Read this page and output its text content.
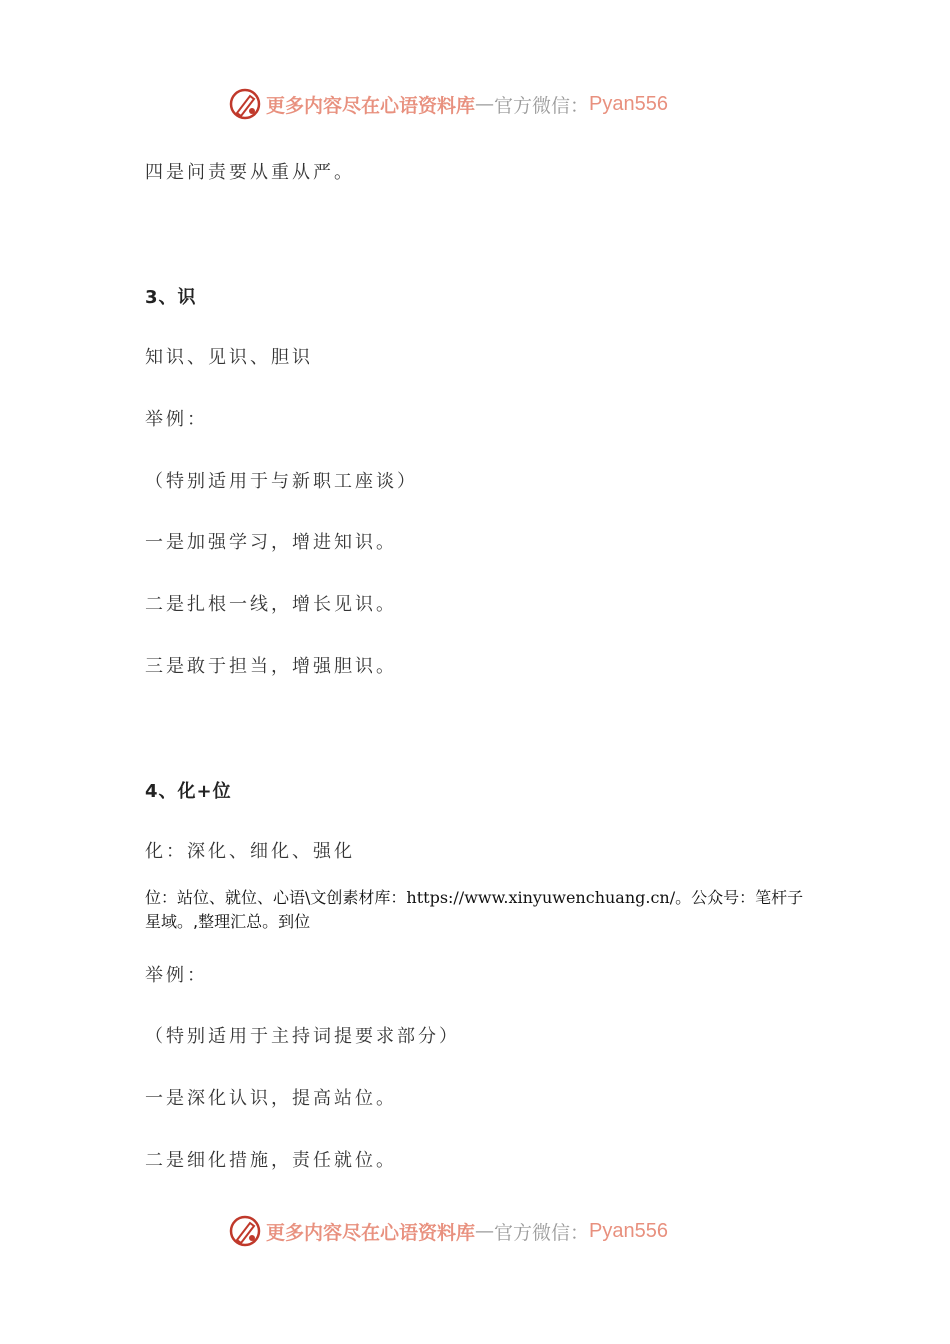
更多内容尽在心语资料库 — 官方微信： Pyan556

四是问责要从重从严。

3、识

知识、见识、胆识

举例：

（特别适用于与新职工座谈）

一是加强学习，增进知识。

二是扎根一线，增长见识。

三是敢于担当，增强胆识。

4、化+位

化：深化、细化、强化

位：站位、就位、心语\文创素材库：https://www.xinyuwenchuang.cn/。公众号：笔杆子星域。,整理汇总。到位

举例：

（特别适用于主持词提要求部分）

一是深化认识，提高站位。

二是细化措施，责任就位。

更多内容尽在心语资料库 — 官方微信： Pyan556
